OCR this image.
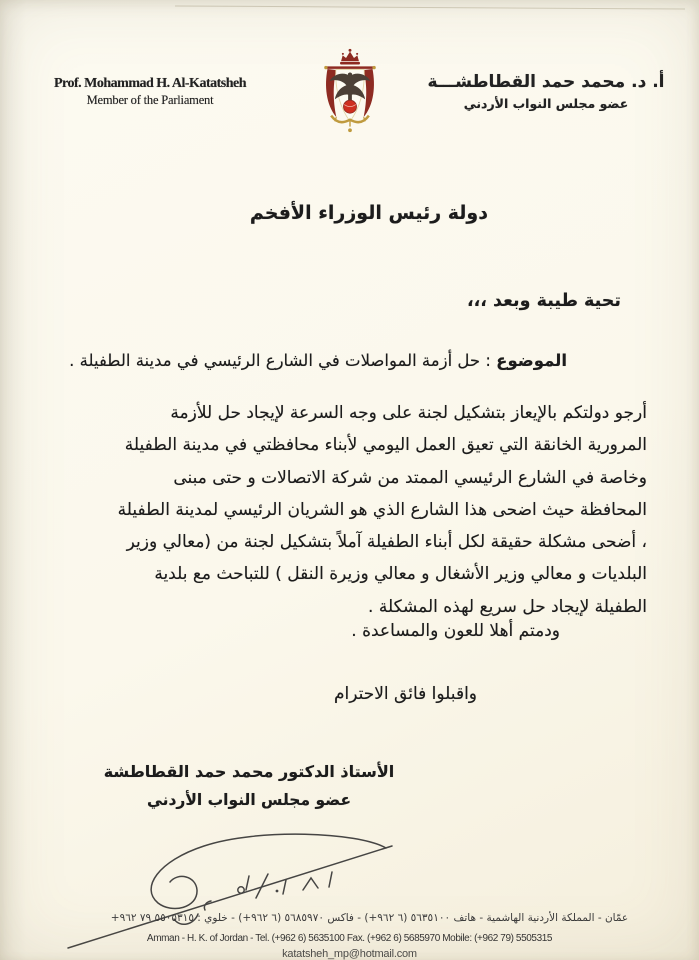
Prof. Mohammad H. Al-Katatsheh
Member of the Parliament
أ. د. محمد حمد القطاطشـــة
عضو مجلس النواب الأردني
دولة رئيس الوزراء الأفخم
تحية طيبة وبعد ،،،
الموضوع : حل أزمة المواصلات في الشارع الرئيسي في مدينة الطفيلة .
أرجو دولتكم بالإيعاز بتشكيل لجنة على وجه السرعة لإيجاد حل للأزمة
المرورية الخانقة التي تعيق العمل اليومي لأبناء محافظتي في مدينة الطفيلة
وخاصة في الشارع الرئيسي الممتد من شركة الاتصالات و حتى مبنى
المحافظة حيث اضحى هذا الشارع الذي هو الشريان الرئيسي لمدينة الطفيلة
، أضحى مشكلة حقيقة لكل أبناء الطفيلة آملاً بتشكيل لجنة من (معالي وزير
البلديات و معالي وزير الأشغال و معالي وزيرة النقل ) للتباحث مع بلدية
الطفيلة لإيجاد حل سريع لهذه المشكلة .
ودمتم أهلا للعون والمساعدة .
واقبلوا فائق الاحترام
الأستاذ الدكتور محمد حمد القطاطشة
عضو مجلس النواب الأردني
عمّان - المملكة الأردنية الهاشمية - هاتف ٥٦٣٥١٠٠ (٦ ٩٦٢+) - فاكس ٥٦٨٥٩٧٠ (٦ ٩٦٢+) - خلوي : ٥٥٠٥٣١٥ ٧٩ ٩٦٢+
Amman - H. K. of Jordan - Tel. (+962 6) 5635100 Fax. (+962 6) 5685970 Mobile: (+962 79) 5505315
katatsheh_mp@hotmail.com
